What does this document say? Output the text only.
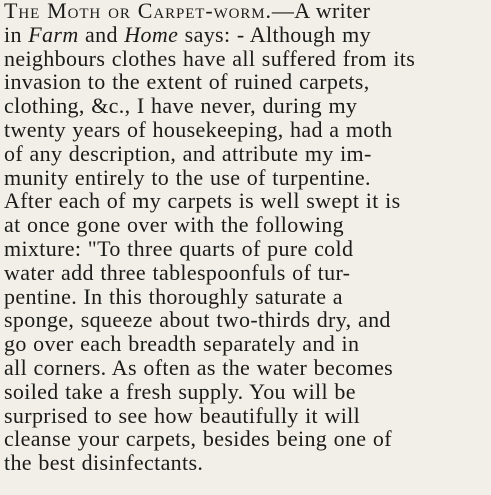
The Moth or Carpet-worm.—A writer

in Farm and Home says: - Although my

neighbours clothes have all suffered from its

invasion to the extent of ruined carpets,

clothing, &c., I have never, during my

twenty years of housekeeping, had a moth

of any description, and attribute my im-

munity entirely to the use of turpentine.

After each of my carpets is well swept it is

at once gone over with the following

mixture: "To three quarts of pure cold

water add three tablespoonfuls of tur-

pentine. In this thoroughly saturate a

sponge, squeeze about two-thirds dry, and

go over each breadth separately and in

all corners. As often as the water becomes

soiled take a fresh supply. You will be

surprised to see how beautifully it will

cleanse your carpets, besides being one of

the best disinfectants.
